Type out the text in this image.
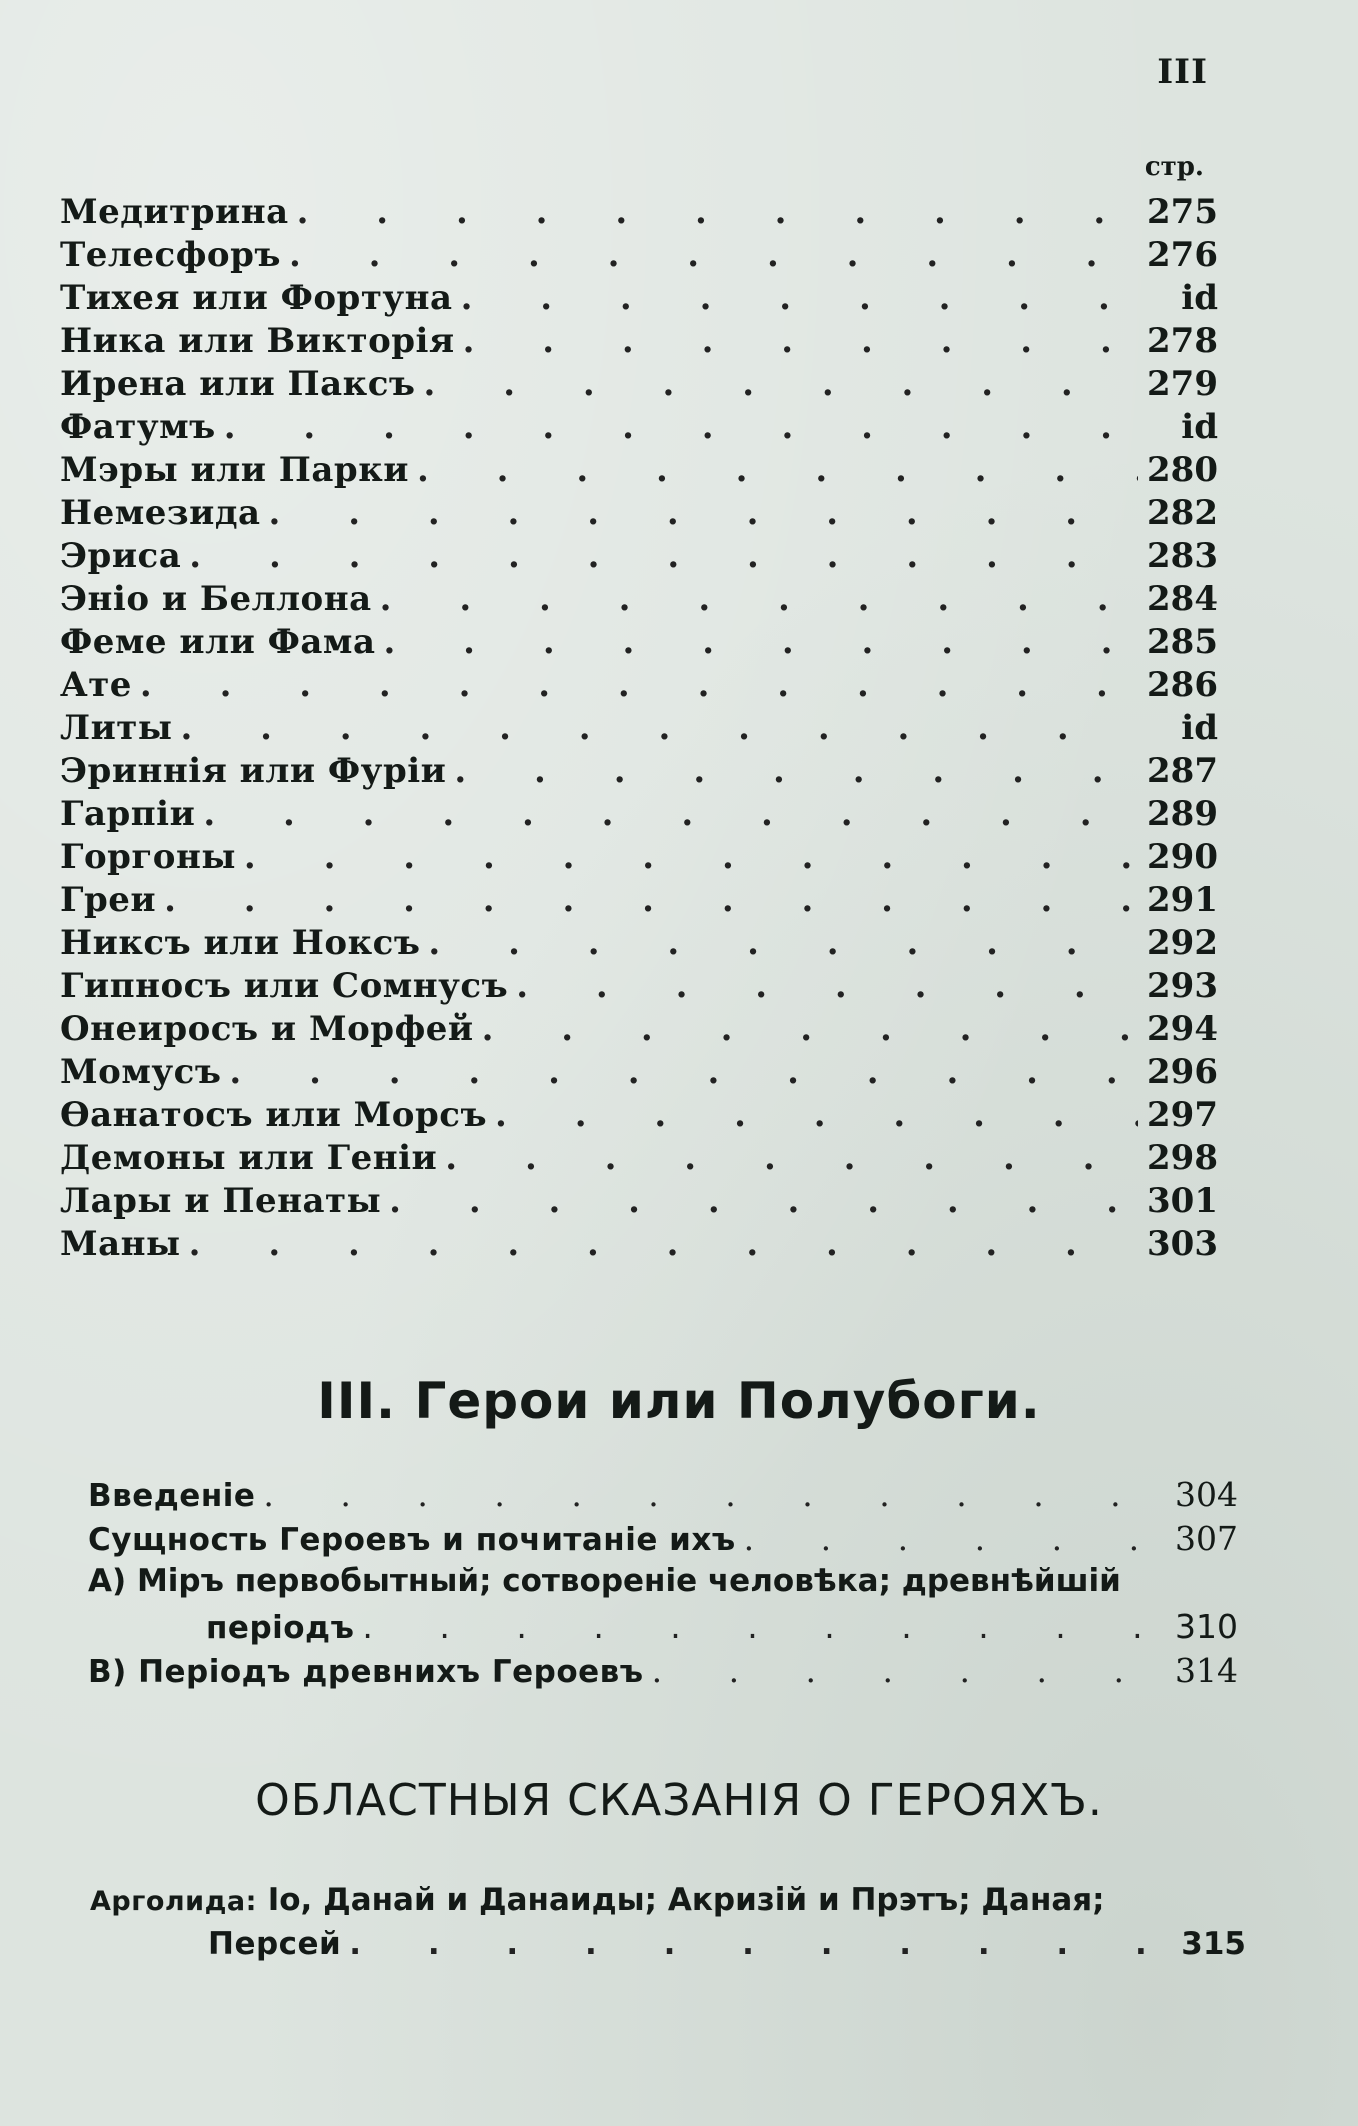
III
стр.
Медитрина . . .	275
Телесфоръ . . .	276
Тихея или Фортуна . . .	id
Ника или Викторія . . .	278
Ирена или Пaксъ . . .	279
Фатумъ . . .	id
Мэры или Парки . . .	280
Немезида . . .	282
Эриса . . .	283
Эніо и Беллона . . .	284
Феме или Фама . . .	285
Ате . . .	286
Литы . . .	id
Эриннія или Фуріи . . .	287
Гарпіи . . .	289
Горгоны . . .	290
Греи . . .	291
Никсъ или Ноксъ . . .	292
Гипносъ или Сомнусъ . . .	293
Онеиросъ и Морфей . . .	294
Момусъ . . .	296
Ѳанатосъ или Морсъ . . .	297
Демоны или Геніи . . .	298
Лары и Пенаты . . .	301
Маны . . .	303
III. Герои или Полубоги.
Введеніе . . .	304
Сущность Героевъ и почитаніе ихъ . . .	307
А) Міръ первобытный; сотвореніе человѣка; древнѣйшій
періодъ . . .	310
В) Періодъ древнихъ Героевъ . . .	314
ОБЛАСТНЫЯ СКАЗАНІЯ О ГЕРОЯХЪ.
Арголида: Іо, Данай и Данаиды; Акризій и Прэтъ; Даная;
Персей . . .	315
